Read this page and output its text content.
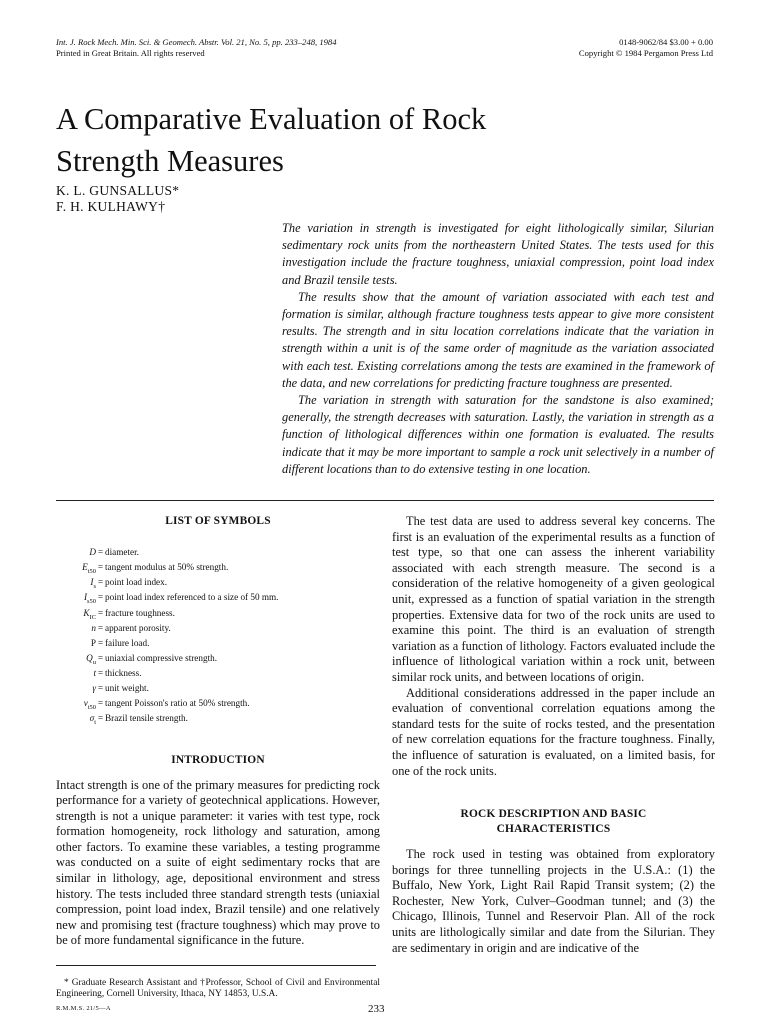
Int. J. Rock Mech. Min. Sci. & Geomech. Abstr. Vol. 21, No. 5, pp. 233–248, 1984
Printed in Great Britain. All rights reserved
0148-9062/84 $3.00 + 0.00
Copyright © 1984 Pergamon Press Ltd
A Comparative Evaluation of Rock
Strength Measures
K. L. GUNSALLUS*
F. H. KULHAWY†

The variation in strength is investigated for eight lithologically similar, Silurian sedimentary rock units from the northeastern United States. The tests used for this investigation include the fracture toughness, uniaxial compression, point load index and Brazil tensile tests.

The results show that the amount of variation associated with each test and formation is similar, although fracture toughness tests appear to give more consistent results. The strength and in situ location correlations indicate that the variation in strength within a unit is of the same order of magnitude as the variation associated with each test. Existing correlations among the tests are examined in the framework of the data, and new correlations for predicting fracture toughness are presented.

The variation in strength with saturation for the sandstone is also examined; generally, the strength decreases with saturation. Lastly, the variation in strength as a function of lithological differences within one formation is evaluated. The results indicate that it may be more important to sample a rock unit selectively in a number of different locations than to do extensive testing in one location.

LIST OF SYMBOLS
D = diameter.
$E_{t50}$ = tangent modulus at 50% strength.
$I_s$ = point load index.
$I_{s50}$ = point load index referenced to a size of 50 mm.
$K_{IC}$ = fracture toughness.
n = apparent porosity.
P = failure load.
$Q_u$ = uniaxial compressive strength.
t = thickness.
γ = unit weight.
$\nu_{t50}$ = tangent Poisson's ratio at 50% strength.
$\sigma_t$ = Brazil tensile strength.
INTRODUCTION

Intact strength is one of the primary measures for predicting rock performance for a variety of geotechnical applications. However, strength is not a unique parameter: it varies with test type, rock formation homogeneity, rock lithology and saturation, among other factors. To examine these variables, a testing programme was conducted on a suite of eight sedimentary rocks that are similar in lithology, age, depositional environment and stress history. The tests included three standard strength tests (uniaxial compression, point load index, Brazil tensile) and one relatively new and promising test (fracture toughness) which may prove to be of more fundamental significance in the future.

* Graduate Research Assistant and †Professor, School of Civil and Environmental Engineering, Cornell University, Ithaca, NY 14853, U.S.A.

The test data are used to address several key concerns. The first is an evaluation of the experimental results as a function of test type, so that one can assess the inherent variability associated with each strength measure. The second is a consideration of the relative homogeneity of a given geological unit, expressed as a function of spatial variation in the strength properties. Extensive data for two of the rock units are used to examine this point. The third is an evaluation of strength variation as a function of lithology. Factors evaluated include the influence of lithological variation within a rock unit, between similar rock units, and between locations of origin.

Additional considerations addressed in the paper include an evaluation of conventional correlation equations among the standard tests for the suite of rocks tested, and the presentation of new correlation equations for the fracture toughness. Finally, the influence of saturation is evaluated, on a limited basis, for one of the rock units.

ROCK DESCRIPTION AND BASIC
CHARACTERISTICS

The rock used in testing was obtained from exploratory borings for three tunnelling projects in the U.S.A.: (1) the Buffalo, New York, Light Rail Rapid Transit system; (2) the Rochester, New York, Culver–Goodman tunnel; and (3) the Chicago, Illinois, Tunnel and Reservoir Plan. All of the rock units are lithologically similar and date from the Silurian. They are sedimentary in origin and are indicative of the

R.M.M.S. 21/5—A	233
